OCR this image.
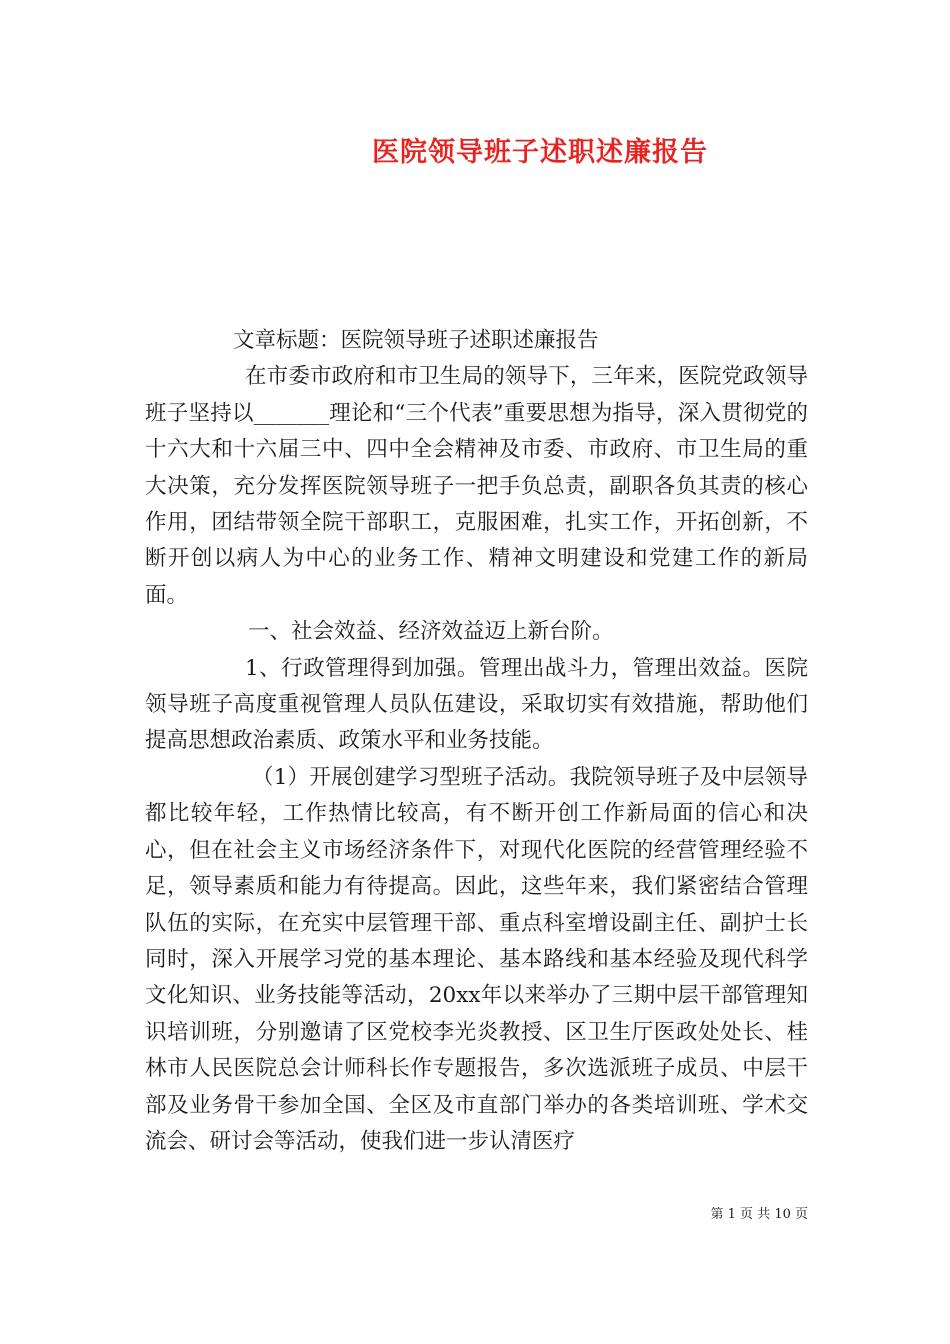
医院领导班子述职述廉报告

文章标题：医院领导班子述职述廉报告

在市委市政府和市卫生局的领导下，三年来，医院党政领导班子坚持以_______理论和“三个代表”重要思想为指导，深入贯彻党的十六大和十六届三中、四中全会精神及市委、市政府、市卫生局的重大决策，充分发挥医院领导班子一把手负总责，副职各负其责的核心作用，团结带领全院干部职工，克服困难，扎实工作，开拓创新，不断开创以病人为中心的业务工作、精神文明建设和党建工作的新局面。

一、社会效益、经济效益迈上新台阶。

1、行政管理得到加强。管理出战斗力，管理出效益。医院领导班子高度重视管理人员队伍建设，采取切实有效措施，帮助他们提高思想政治素质、政策水平和业务技能。

（1）开展创建学习型班子活动。我院领导班子及中层领导都比较年轻，工作热情比较高，有不断开创工作新局面的信心和决心，但在社会主义市场经济条件下，对现代化医院的经营管理经验不足，领导素质和能力有待提高。因此，这些年来，我们紧密结合管理队伍的实际，在充实中层管理干部、重点科室增设副主任、副护士长同时，深入开展学习党的基本理论、基本路线和基本经验及现代科学文化知识、业务技能等活动，20xx年以来举办了三期中层干部管理知识培训班，分别邀请了区党校李光炎教授、区卫生厅医政处处长、桂林市人民医院总会计师科长作专题报告，多次选派班子成员、中层干部及业务骨干参加全国、全区及市直部门举办的各类培训班、学术交流会、研讨会等活动，使我们进一步认清医疗

第 1 页 共 10 页
